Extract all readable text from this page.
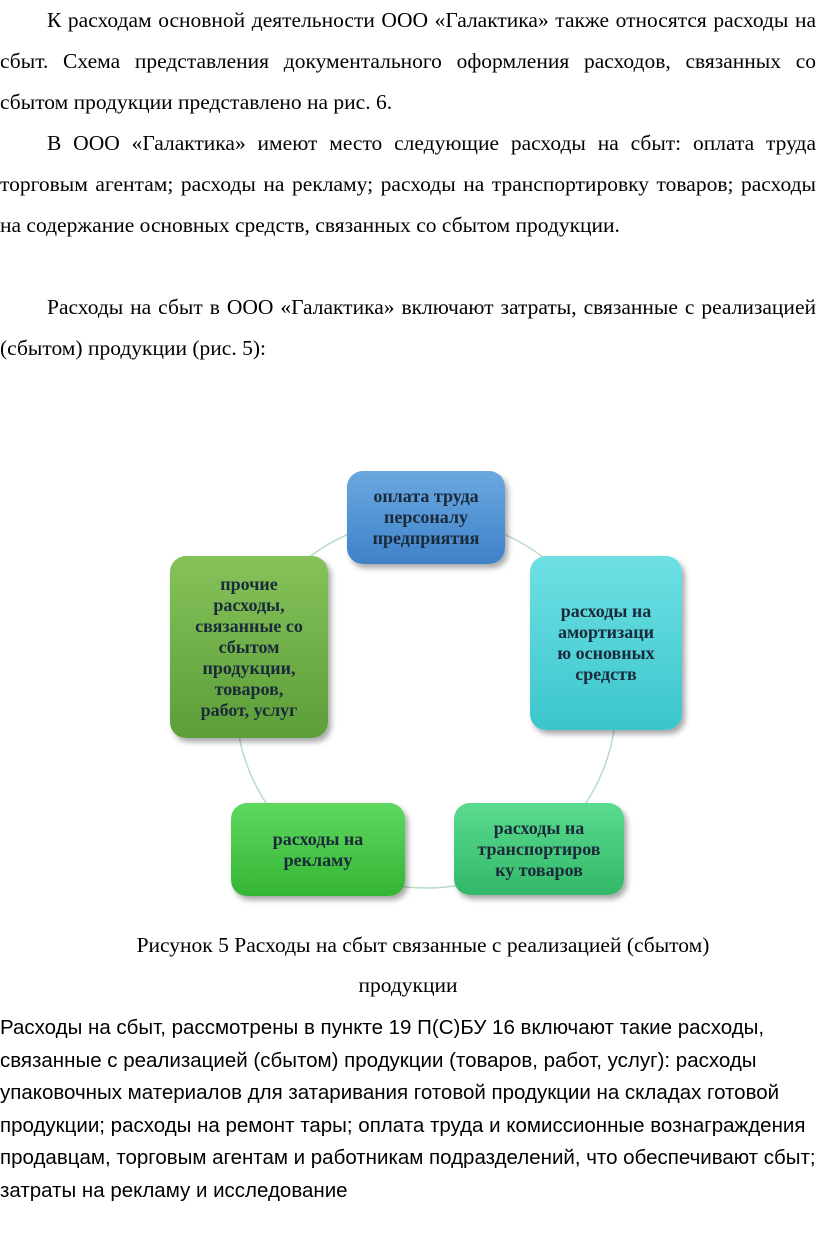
К расходам основной деятельности ООО «Галактика» также относятся расходы на сбыт. Схема представления документального оформления расходов, связанных со сбытом продукции представлено на рис. 6.

В ООО «Галактика» имеют место следующие расходы на сбыт: оплата труда торговым агентам; расходы на рекламу; расходы на транспортировку товаров; расходы на содержание основных средств, связанных со сбытом продукции.

Расходы на сбыт в ООО «Галактика» включают затраты, связанные с реализацией (сбытом) продукции (рис. 5):

оплата труда
персоналу
предприятия
расходы на
амортизаци
ю основных
средств
расходы на
транспортиров
ку товаров
расходы на
рекламу
прочие
расходы,
связанные со
сбытом
продукции,
товаров,
работ, услуг
Рисунок 5 Расходы на сбыт связанные с реализацией (сбытом)
продукции

Расходы на сбыт, рассмотрены в пункте 19 П(С)БУ 16 включают такие расходы, связанные с реализацией (сбытом) продукции (товаров, работ, услуг): расходы упаковочных материалов для затаривания готовой продукции на складах готовой продукции; расходы на ремонт тары; оплата труда и комиссионные вознаграждения продавцам, торговым агентам и работникам подразделений, что обеспечивают сбыт; затраты на рекламу и исследование
